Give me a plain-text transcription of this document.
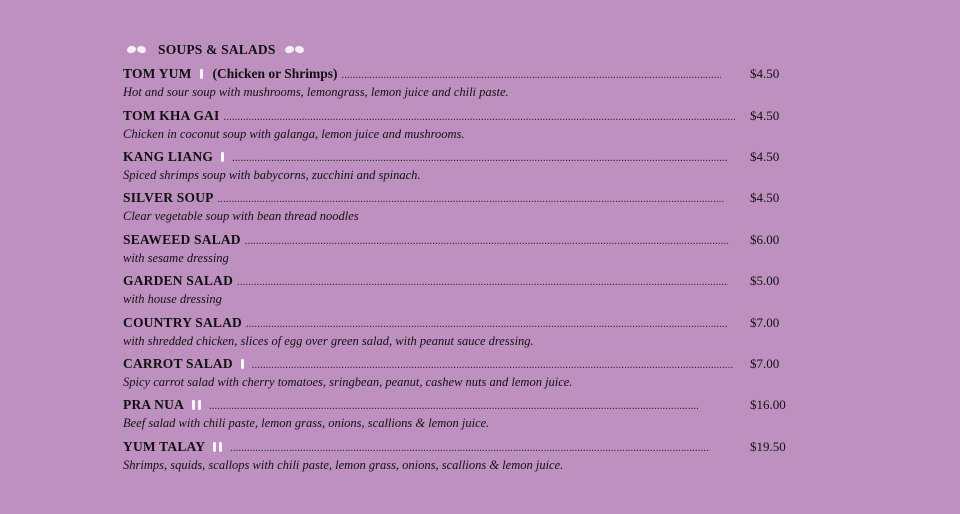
SOUPS & SALADS
TOM YUM (Chicken or Shrimps) .....	$4.50
Hot and sour soup with mushrooms, lemongrass, lemon juice and chili paste.
TOM KHA GAI .....	$4.50
Chicken in coconut soup with galanga, lemon juice and mushrooms.
KANG LIANG .....	$4.50
Spiced shrimps soup with babycorns, zucchini and spinach.
SILVER SOUP .....	$4.50
Clear vegetable soup with bean thread noodles
SEAWEED SALAD .....	$6.00
with sesame dressing
GARDEN SALAD .....	$5.00
with house dressing
COUNTRY SALAD .....	$7.00
with shredded chicken, slices of egg over green salad, with peanut sauce dressing.
CARROT SALAD .....	$7.00
Spicy carrot salad with cherry tomatoes, sringbean, peanut, cashew nuts and lemon juice.
PRA NUA .....	$16.00
Beef salad with chili paste, lemon grass, onions, scallions & lemon juice.
YUM TALAY .....	$19.50
Shrimps, squids, scallops with chili paste, lemon grass, onions, scallions & lemon juice.
